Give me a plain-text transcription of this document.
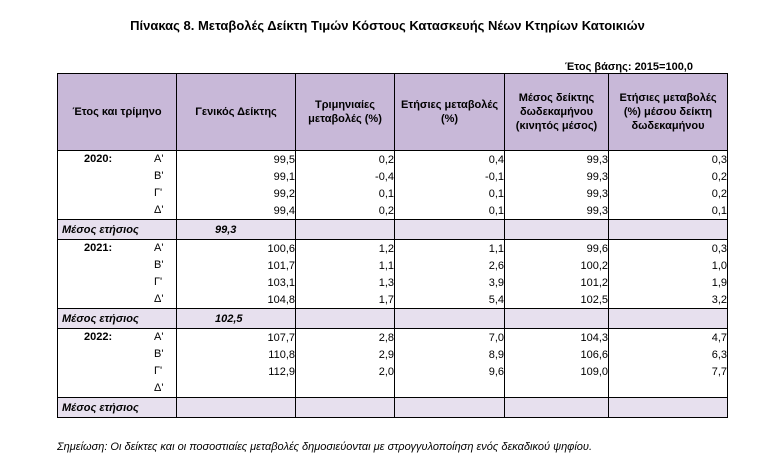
Πίνακας 8. Μεταβολές Δείκτη Τιμών Κόστους Κατασκευής Νέων Κτηρίων Κατοικιών
Έτος βάσης: 2015=100,0
Έτος και τρίμηνο	Γενικός Δείκτης	Τριμηνιαίες μεταβολές (%)	Ετήσιες μεταβολές (%)	Μέσος δείκτης δωδεκαμήνου (κινητός μέσος)	Ετήσιες μεταβολές (%) μέσου δείκτη δωδεκαμήνου

2020: Α'	99,5	0,2	0,4	99,3	0,3

Β'	99,1	-0,4	-0,1	99,3	0,2

Γ'	99,2	0,1	0,1	99,3	0,2

Δ'	99,4	0,2	0,1	99,3	0,1
Μέσος ετήσιος	99,3				

2021: Α'	100,6	1,2	1,1	99,6	0,3

Β'	101,7	1,1	2,6	100,2	1,0

Γ'	103,1	1,3	3,9	101,2	1,9

Δ'	104,8	1,7	5,4	102,5	3,2
Μέσος ετήσιος	102,5				

2022: Α'	107,7	2,8	7,0	104,3	4,7

Β'	110,8	2,9	8,9	106,6	6,3

Γ'	112,9	2,0	9,6	109,0	7,7

Δ'					

Μέσος ετήσιος					
Σημείωση: Οι δείκτες και οι ποσοστιαίες μεταβολές δημοσιεύονται με στρογγυλοποίηση ενός δεκαδικού ψηφίου.
